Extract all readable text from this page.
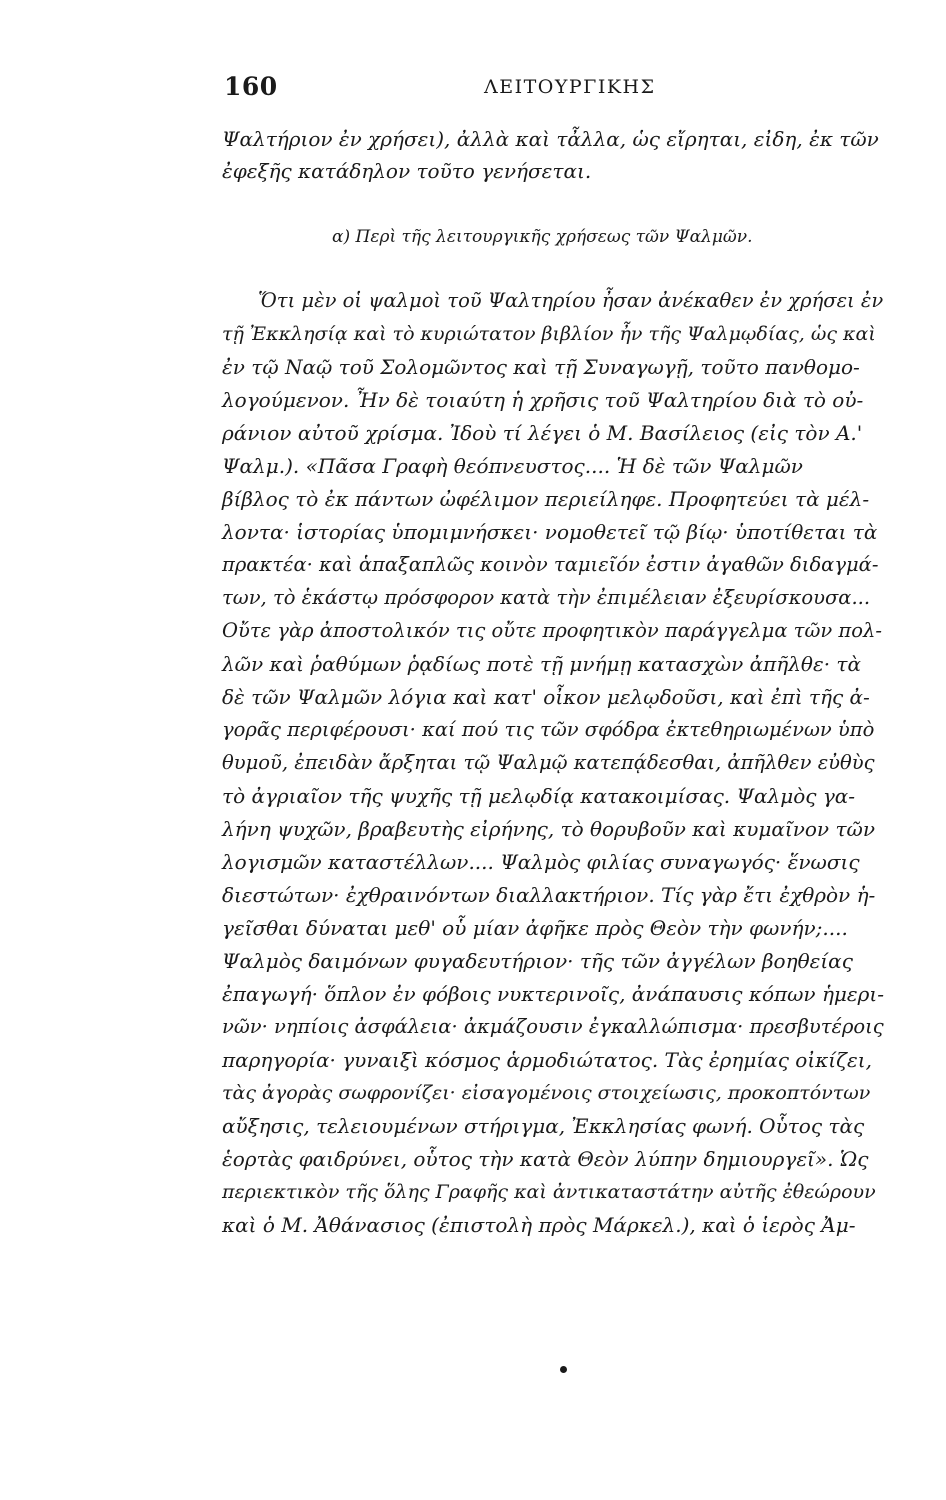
160	ΛΕΙΤΟΥΡΓΙΚΗΣ
Ψαλτήριον ἐν χρήσει), ἀλλὰ καὶ τἆλλα, ὡς εἴρηται, εἰδη, ἐκ τῶν
ἐφεξῆς κατάδηλον τοῦτο γενήσεται.
α) Περὶ τῆς λειτουργικῆς χρήσεως τῶν Ψαλμῶν.
Ὅτι μὲν οἱ ψαλμοὶ τοῦ Ψαλτηρίου ἦσαν ἀνέκαθεν ἐν χρήσει ἐν
τῇ Ἐκκλησίᾳ καὶ τὸ κυριώτατον βιβλίον ἦν τῆς Ψαλμῳδίας, ὡς καὶ
ἐν τῷ Ναῷ τοῦ Σολομῶντος καὶ τῇ Συναγωγῇ, τοῦτο πανθομο-
λογούμενον. Ἦν δὲ τοιαύτη ἡ χρῆσις τοῦ Ψαλτηρίου διὰ τὸ οὐ-
ράνιον αὐτοῦ χρίσμα. Ἰδοὺ τί λέγει ὁ Μ. Βασίλειος (εἰς τὸν Α.'
Ψαλμ.). «Πᾶσα Γραφὴ θεόπνευστος.... Ἡ δὲ τῶν Ψαλμῶν
βίβλος τὸ ἐκ πάντων ὠφέλιμον περιείληφε. Προφητεύει τὰ μέλ-
λοντα· ἱστορίας ὑπομιμνήσκει· νομοθετεῖ τῷ βίῳ· ὑποτίθεται τὰ
πρακτέα· καὶ ἁπαξαπλῶς κοινὸν ταμιεῖόν ἐστιν ἀγαθῶν διδαγμά-
των, τὸ ἑκάστῳ πρόσφορον κατὰ τὴν ἐπιμέλειαν ἐξευρίσκουσα...
Οὔτε γὰρ ἀποστολικόν τις οὔτε προφητικὸν παράγγελμα τῶν πολ-
λῶν καὶ ῥαθύμων ῥᾳδίως ποτὲ τῇ μνήμῃ κατασχὼν ἀπῆλθε· τὰ
δὲ τῶν Ψαλμῶν λόγια καὶ κατ' οἶκον μελῳδοῦσι, καὶ ἐπὶ τῆς ἀ-
γορᾶς περιφέρουσι· καί πού τις τῶν σφόδρα ἐκτεθηριωμένων ὑπὸ
θυμοῦ, ἐπειδὰν ἄρξηται τῷ Ψαλμῷ κατεπᾴδεσθαι, ἀπῆλθεν εὐθὺς
τὸ ἀγριαῖον τῆς ψυχῆς τῇ μελῳδίᾳ κατακοιμίσας. Ψαλμὸς γα-
λήνη ψυχῶν, βραβευτὴς εἰρήνης, τὸ θορυβοῦν καὶ κυμαῖνον τῶν
λογισμῶν καταστέλλων.... Ψαλμὸς φιλίας συναγωγός· ἕνωσις
διεστώτων· ἐχθραινόντων διαλλακτήριον. Τίς γὰρ ἔτι ἐχθρὸν ἡ-
γεῖσθαι δύναται μεθ' οὗ μίαν ἀφῆκε πρὸς Θεὸν τὴν φωνήν;....
Ψαλμὸς δαιμόνων φυγαδευτήριον· τῆς τῶν ἀγγέλων βοηθείας
ἐπαγωγή· ὅπλον ἐν φόβοις νυκτερινοῖς, ἀνάπαυσις κόπων ἡμερι-
νῶν· νηπίοις ἀσφάλεια· ἀκμάζουσιν ἐγκαλλώπισμα· πρεσβυτέροις
παρηγορία· γυναιξὶ κόσμος ἁρμοδιώτατος. Τὰς ἐρημίας οἰκίζει,
τὰς ἀγορὰς σωφρονίζει· εἰσαγομένοις στοιχείωσις, προκοπτόντων
αὔξησις, τελειουμένων στήριγμα, Ἐκκλησίας φωνή. Οὗτος τὰς
ἑορτὰς φαιδρύνει, οὗτος τὴν κατὰ Θεὸν λύπην δημιουργεῖ». Ὡς
περιεκτικὸν τῆς ὅλης Γραφῆς καὶ ἀντικαταστάτην αὐτῆς ἐθεώρουν
καὶ ὁ Μ. Ἀθάνασιος (ἐπιστολὴ πρὸς Μάρκελ.), καὶ ὁ ἱερὸς Ἀμ-
